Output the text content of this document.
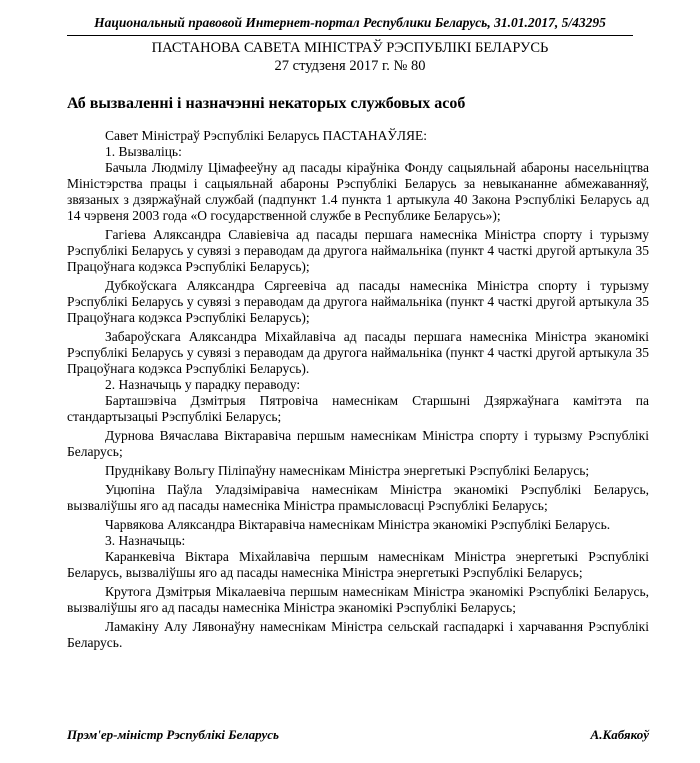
Национальный правовой Интернет-портал Республики Беларусь, 31.01.2017, 5/43295
ПАСТАНОВА САВЕТА МІНІСТРАЎ РЭСПУБЛІКІ БЕЛАРУСЬ
27 студзеня 2017 г. № 80
Аб вызваленні і назначэнні некаторых службовых асоб

Савет Міністраў Рэспублікі Беларусь ПАСТАНАЎЛЯЕ:

1. Вызваліць:

Бачыла Людмілу Цімафееўну ад пасады кіраўніка Фонду сацыяльнай абароны насельніцтва Міністэрства працы і сацыяльнай абароны Рэспублікі Беларусь за невыкананне абмежаванняў, звязаных з дзяржаўнай службай (падпункт 1.4 пункта 1 артыкула 40 Закона Рэспублікі Беларусь ад 14 чэрвеня 2003 года «О государственной службе в Республике Беларусь»);

Гагіева Аляксандра Славіевіча ад пасады першага намесніка Міністра спорту і турызму Рэспублікі Беларусь у сувязі з пераводам да другога наймальніка (пункт 4 часткі другой артыкула 35 Працоўнага кодэкса Рэспублікі Беларусь);

Дубкоўскага Аляксандра Сяргеевіча ад пасады намесніка Міністра спорту і турызму Рэспублікі Беларусь у сувязі з пераводам да другога наймальніка (пункт 4 часткі другой артыкула 35 Працоўнага кодэкса Рэспублікі Беларусь);

Забароўскага Аляксандра Міхайлавіча ад пасады першага намесніка Міністра эканомікі Рэспублікі Беларусь у сувязі з пераводам да другога наймальніка (пункт 4 часткі другой артыкула 35 Працоўнага кодэкса Рэспублікі Беларусь).

2. Назначыць у парадку пераводу:

Барташэвіча Дзмітрыя Пятровіча намеснікам Старшыні Дзяржаўнага камітэта па стандартызацыі Рэспублікі Беларусь;

Дурнова Вячаслава Віктаравіча першым намеснікам Міністра спорту і турызму Рэспублікі Беларусь;

Прудніkaву Вольгу Піліпаўну намеснікам Міністра энергетыкі Рэспублікі Беларусь;

Уцюпіна Паўла Уладзіміравіча намеснікам Міністра эканомікі Рэспублікі Беларусь, вызваліўшы яго ад пасады намесніка Міністра прамысловасці Рэспублікі Беларусь;

Чарвякова Аляксандра Віктаравіча намеснікам Міністра эканомікі Рэспублікі Беларусь.

3. Назначыць:

Каранкевіча Віктара Міхайлавіча першым намеснікам Міністра энергетыкі Рэспублікі Беларусь, вызваліўшы яго ад пасады намесніка Міністра энергетыкі Рэспублікі Беларусь;

Крутога Дзмітрыя Мікалаевіча першым намеснікам Міністра эканомікі Рэспублікі Беларусь, вызваліўшы яго ад пасады намесніка Міністра эканомікі Рэспублікі Беларусь;

Ламакіну Алу Лявонаўну намеснікам Міністра сельскай гаспадаркі і харчавання Рэспублікі Беларусь.

Прэм'ер-міністр Рэспублікі Беларусь	А.Кабякоў
